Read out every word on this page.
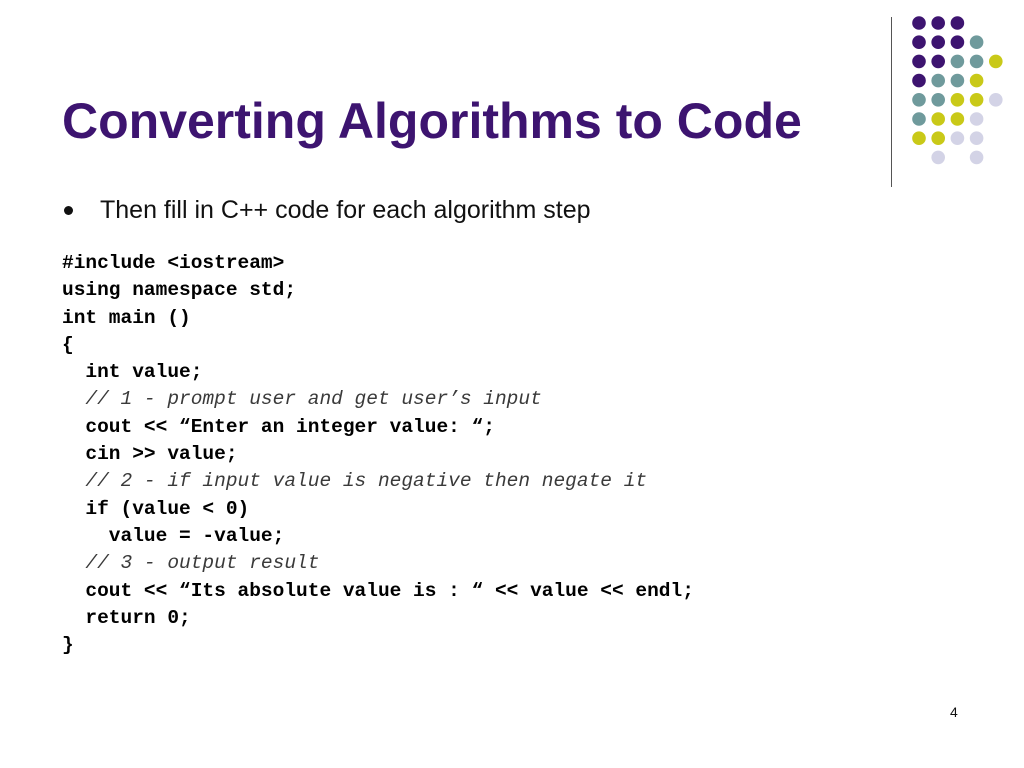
Converting Algorithms to Code
Then fill in C++ code for each algorithm step
#include <iostream>
using namespace std;
int main ()
{
int value;
// 1 - prompt user and get user’s input
cout << “Enter an integer value: “;
cin >> value;
// 2 - if input value is negative then negate it
if (value < 0)
value = -value;
// 3 - output result
cout << “Its absolute value is : “ << value << endl;
return 0;
}
4
